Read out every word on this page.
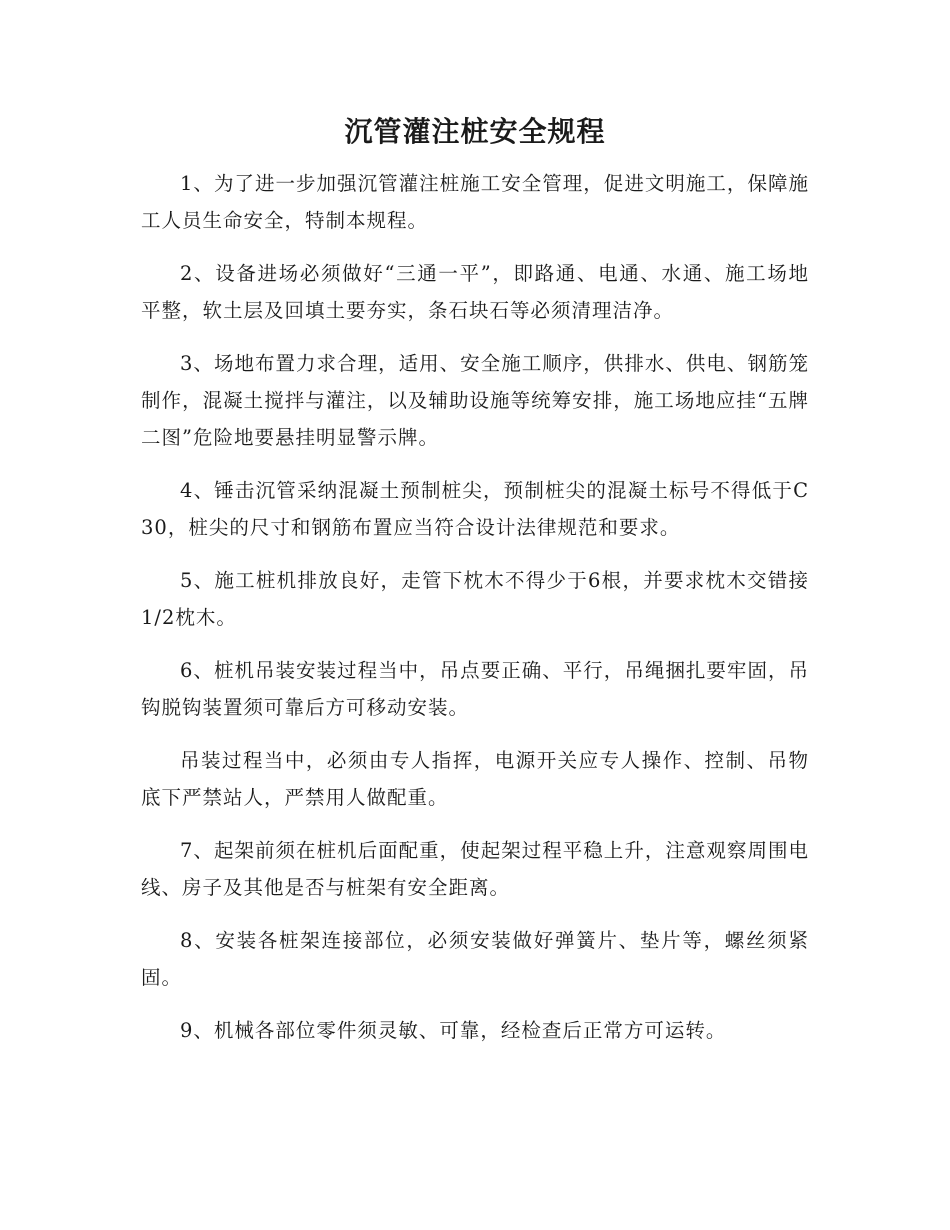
沉管灌注桩安全规程

1、为了进一步加强沉管灌注桩施工安全管理，促进文明施工，保障施工人员生命安全，特制本规程。

2、设备进场必须做好“三通一平”，即路通、电通、水通、施工场地平整，软土层及回填土要夯实，条石块石等必须清理洁净。

3、场地布置力求合理，适用、安全施工顺序，供排水、供电、钢筋笼制作，混凝土搅拌与灌注，以及辅助设施等统筹安排，施工场地应挂“五牌二图”危险地要悬挂明显警示牌。

4、锤击沉管采纳混凝土预制桩尖，预制桩尖的混凝土标号不得低于C30，桩尖的尺寸和钢筋布置应当符合设计法律规范和要求。

5、施工桩机排放良好，走管下枕木不得少于6根，并要求枕木交错接1/2枕木。

6、桩机吊装安装过程当中，吊点要正确、平行，吊绳捆扎要牢固，吊钩脱钩装置须可靠后方可移动安装。

吊装过程当中，必须由专人指挥，电源开关应专人操作、控制、吊物底下严禁站人，严禁用人做配重。

7、起架前须在桩机后面配重，使起架过程平稳上升，注意观察周围电线、房子及其他是否与桩架有安全距离。

8、安装各桩架连接部位，必须安装做好弹簧片、垫片等，螺丝须紧固。

9、机械各部位零件须灵敏、可靠，经检查后正常方可运转。
